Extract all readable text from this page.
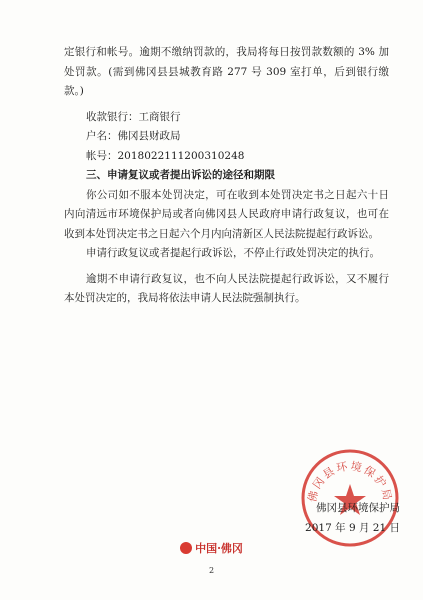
定银行和帐号。逾期不缴纳罚款的，我局将每日按罚款数额的 3% 加处罚款。(需到佛冈县县城教育路 277 号 309 室打单，后到银行缴款。)

收款银行：工商银行
户名：佛冈县财政局
帐号：2018022111200310248

三、申请复议或者提出诉讼的途径和期限

你公司如不服本处罚决定，可在收到本处罚决定书之日起六十日内向清远市环境保护局或者向佛冈县人民政府申请行政复议，也可在收到本处罚决定书之日起六个月内向清新区人民法院提起行政诉讼。

申请行政复议或者提起行政诉讼，不停止行政处罚决定的执行。

逾期不申请行政复议，也不向人民法院提起行政诉讼，又不履行本处罚决定的，我局将依法申请人民法院强制执行。

佛冈县环境保护局
佛冈县环境保护局
2017 年 9 月 21 日
中国·佛冈
2
